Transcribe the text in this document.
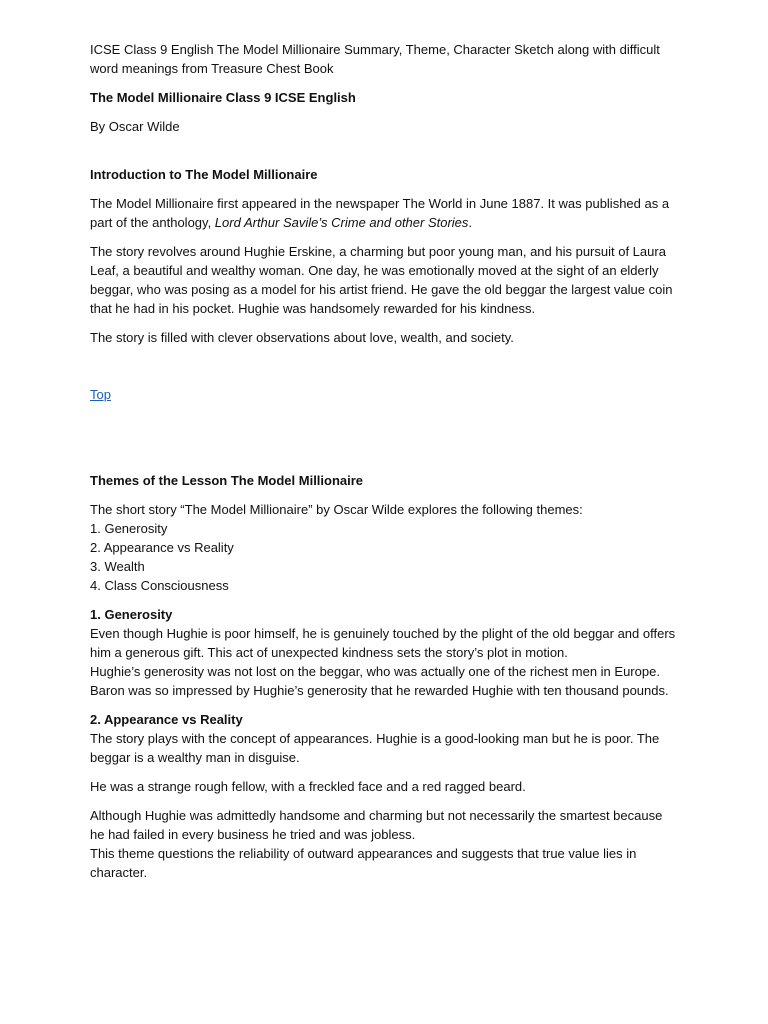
ICSE Class 9 English The Model Millionaire Summary, Theme, Character Sketch along with difficult word meanings from Treasure Chest Book

The Model Millionaire Class 9 ICSE English

By Oscar Wilde

Introduction to The Model Millionaire

The Model Millionaire first appeared in the newspaper The World in June 1887. It was published as a part of the anthology, Lord Arthur Savile’s Crime and other Stories.

The story revolves around Hughie Erskine, a charming but poor young man, and his pursuit of Laura Leaf, a beautiful and wealthy woman. One day, he was emotionally moved at the sight of an elderly beggar, who was posing as a model for his artist friend. He gave the old beggar the largest value coin that he had in his pocket. Hughie was handsomely rewarded for his kindness.

The story is filled with clever observations about love, wealth, and society.

Top

Themes of the Lesson The Model Millionaire

The short story “The Model Millionaire” by Oscar Wilde explores the following themes:

1. Generosity
2. Appearance vs Reality
3. Wealth
4. Class Consciousness
1. Generosity
Even though Hughie is poor himself, he is genuinely touched by the plight of the old beggar and offers him a generous gift. This act of unexpected kindness sets the story’s plot in motion.
Hughie’s generosity was not lost on the beggar, who was actually one of the richest men in Europe.
Baron was so impressed by Hughie’s generosity that he rewarded Hughie with ten thousand pounds.
2. Appearance vs Reality
The story plays with the concept of appearances. Hughie is a good-looking man but he is poor. The beggar is a wealthy man in disguise.

He was a strange rough fellow, with a freckled face and a red ragged beard.

Although Hughie was admittedly handsome and charming but not necessarily the smartest because he had failed in every business he tried and was jobless.
This theme questions the reliability of outward appearances and suggests that true value lies in character.
